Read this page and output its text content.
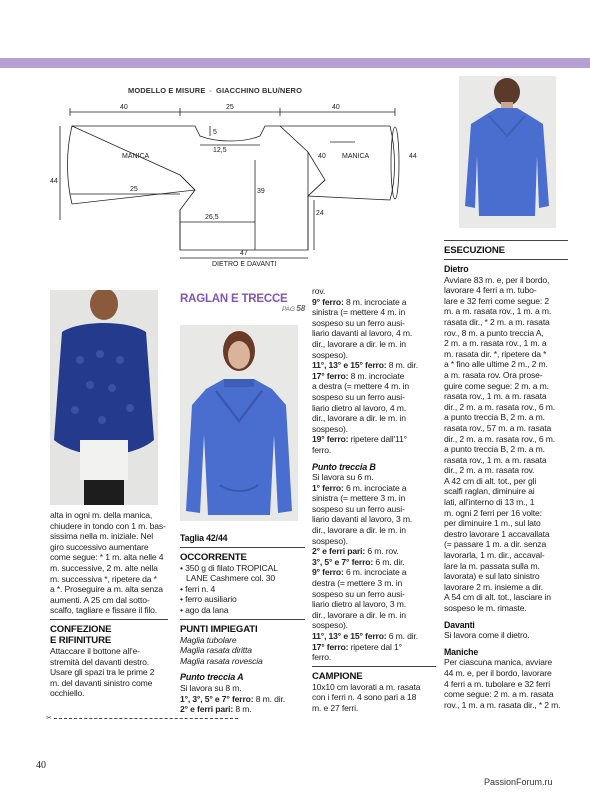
MODELLO E MISURE - GIACCHINO BLU/NERO
40	25	40
5
12,5
MANICA	MANICA
40	44
44
25	39
26,5
24
47
DIETRO E DAVANTI

alta in ogni m. della manica,

chiudere in tondo con 1 m. bas-

sissima nella m. iniziale. Nel

giro successivo aumentare

come segue: * 1 m. alta nelle 4

m. successive, 2 m. alte nella

m. successiva *, ripetere da *

a *. Proseguire a m. alta senza

aumenti. A 25 cm dal sotto-

scalfo, tagliare e fissare il filo.

CONFEZIONE

E RIFINITURE

Attaccare il bottone all'e-

stremità del davanti destro.

Usare gli spazi tra le prime 2

m. del davanti sinistro come

occhiello.

✂

RAGLAN E TRECCE

PAG 58

Taglia 42/44

OCCORRENTE

• 350 g di filato TROPICAL

LANE Cashmere col. 30

• ferri n. 4

• ferro ausiliario

• ago da lana

PUNTI IMPIEGATI

Maglia tubolare

Maglia rasata diritta

Maglia rasata rovescia

Punto treccia A

Si lavora su 8 m.

1°, 3°, 5° e 7° ferro: 8 m. dir.

2° e ferri pari: 8 m.

rov.

9° ferro: 8 m. incrociate a

sinistra (= mettere 4 m. in

sospeso su un ferro ausi-

liario davanti al lavoro, 4 m.

dir., lavorare a dir. le m. in

sospeso).

11°, 13° e 15° ferro: 8 m. dir.

17° ferro: 8 m. incrociate

a destra (= mettere 4 m. in

sospeso su un ferro ausi-

liario dietro al lavoro, 4 m.

dir., lavorare a dir. le m. in

sospeso).

19° ferro: ripetere dall'11°

ferro.

Punto treccia B

Si lavora su 6 m.

1° ferro: 6 m. incrociate a

sinistra (= mettere 3 m. in

sospeso su un ferro ausi-

liario davanti al lavoro, 3 m.

dir., lavorare a dir. le m. in

sospeso).

2° e ferri pari: 6 m. rov.

3°, 5° e 7° ferro: 6 m. dir.

9° ferro: 6 m. incrociate a

destra (= mettere 3 m. in

sospeso su un ferro ausi-

liario dietro al lavoro, 3 m.

dir., lavorare a dir. le m. in

sospeso).

11°, 13° e 15° ferro: 6 m. dir.

17° ferro: ripetere dal 1°

ferro.

CAMPIONE

10x10 cm lavorati a m. rasata

con i ferri n. 4 sono pari a 18

m. e 27 ferri.

ESECUZIONE

Dietro

Avviare 83 m. e, per il bordo,

lavorare 4 ferri a m. tubo-

lare e 32 ferri come segue: 2

m. a m. rasata rov., 1 m. a m.

rasata dir., * 2 m. a m. rasata

rov., 8 m. a punto treccia A,

2 m. a m. rasata rov., 1 m. a

m. rasata dir. *, ripetere da *

a * fino alle ultime 2 m., 2 m.

a m. rasata rov. Ora prose-

guire come segue: 2 m. a m.

rasata rov., 1 m. a m. rasata

dir., 2 m. a m. rasata rov., 6 m.

a punto treccia B, 2 m. a m.

rasata rov., 57 m. a m. rasata

dir., 2 m. a m. rasata rov., 6 m.

a punto treccia B, 2 m. a m.

rasata rov., 1 m. a m. rasata

dir., 2 m. a m. rasata rov.

A 42 cm di alt. tot., per gli

scalfi raglan, diminuire ai

lati, all'interno di 13 m., 1

m. ogni 2 ferri per 16 volte:

per diminuire 1 m., sul lato

destro lavorare 1 accavallata

(= passare 1 m. a dir. senza

lavorarla, 1 m. dir., accaval-

lare la m. passata sulla m.

lavorata) e sul lato sinistro

lavorare 2 m. insieme a dir.

A 54 cm di alt. tot., lasciare in

sospeso le m. rimaste.

Davanti

Si lavora come il dietro.

Maniche

Per ciascuna manica, avviare

44 m. e, per il bordo, lavorare

4 ferri a m. tubolare e 32 ferri

come segue: 2 m. a m. rasata

rov., 1 m. a m. rasata dir., * 2 m.

40
PassionForum.ru
